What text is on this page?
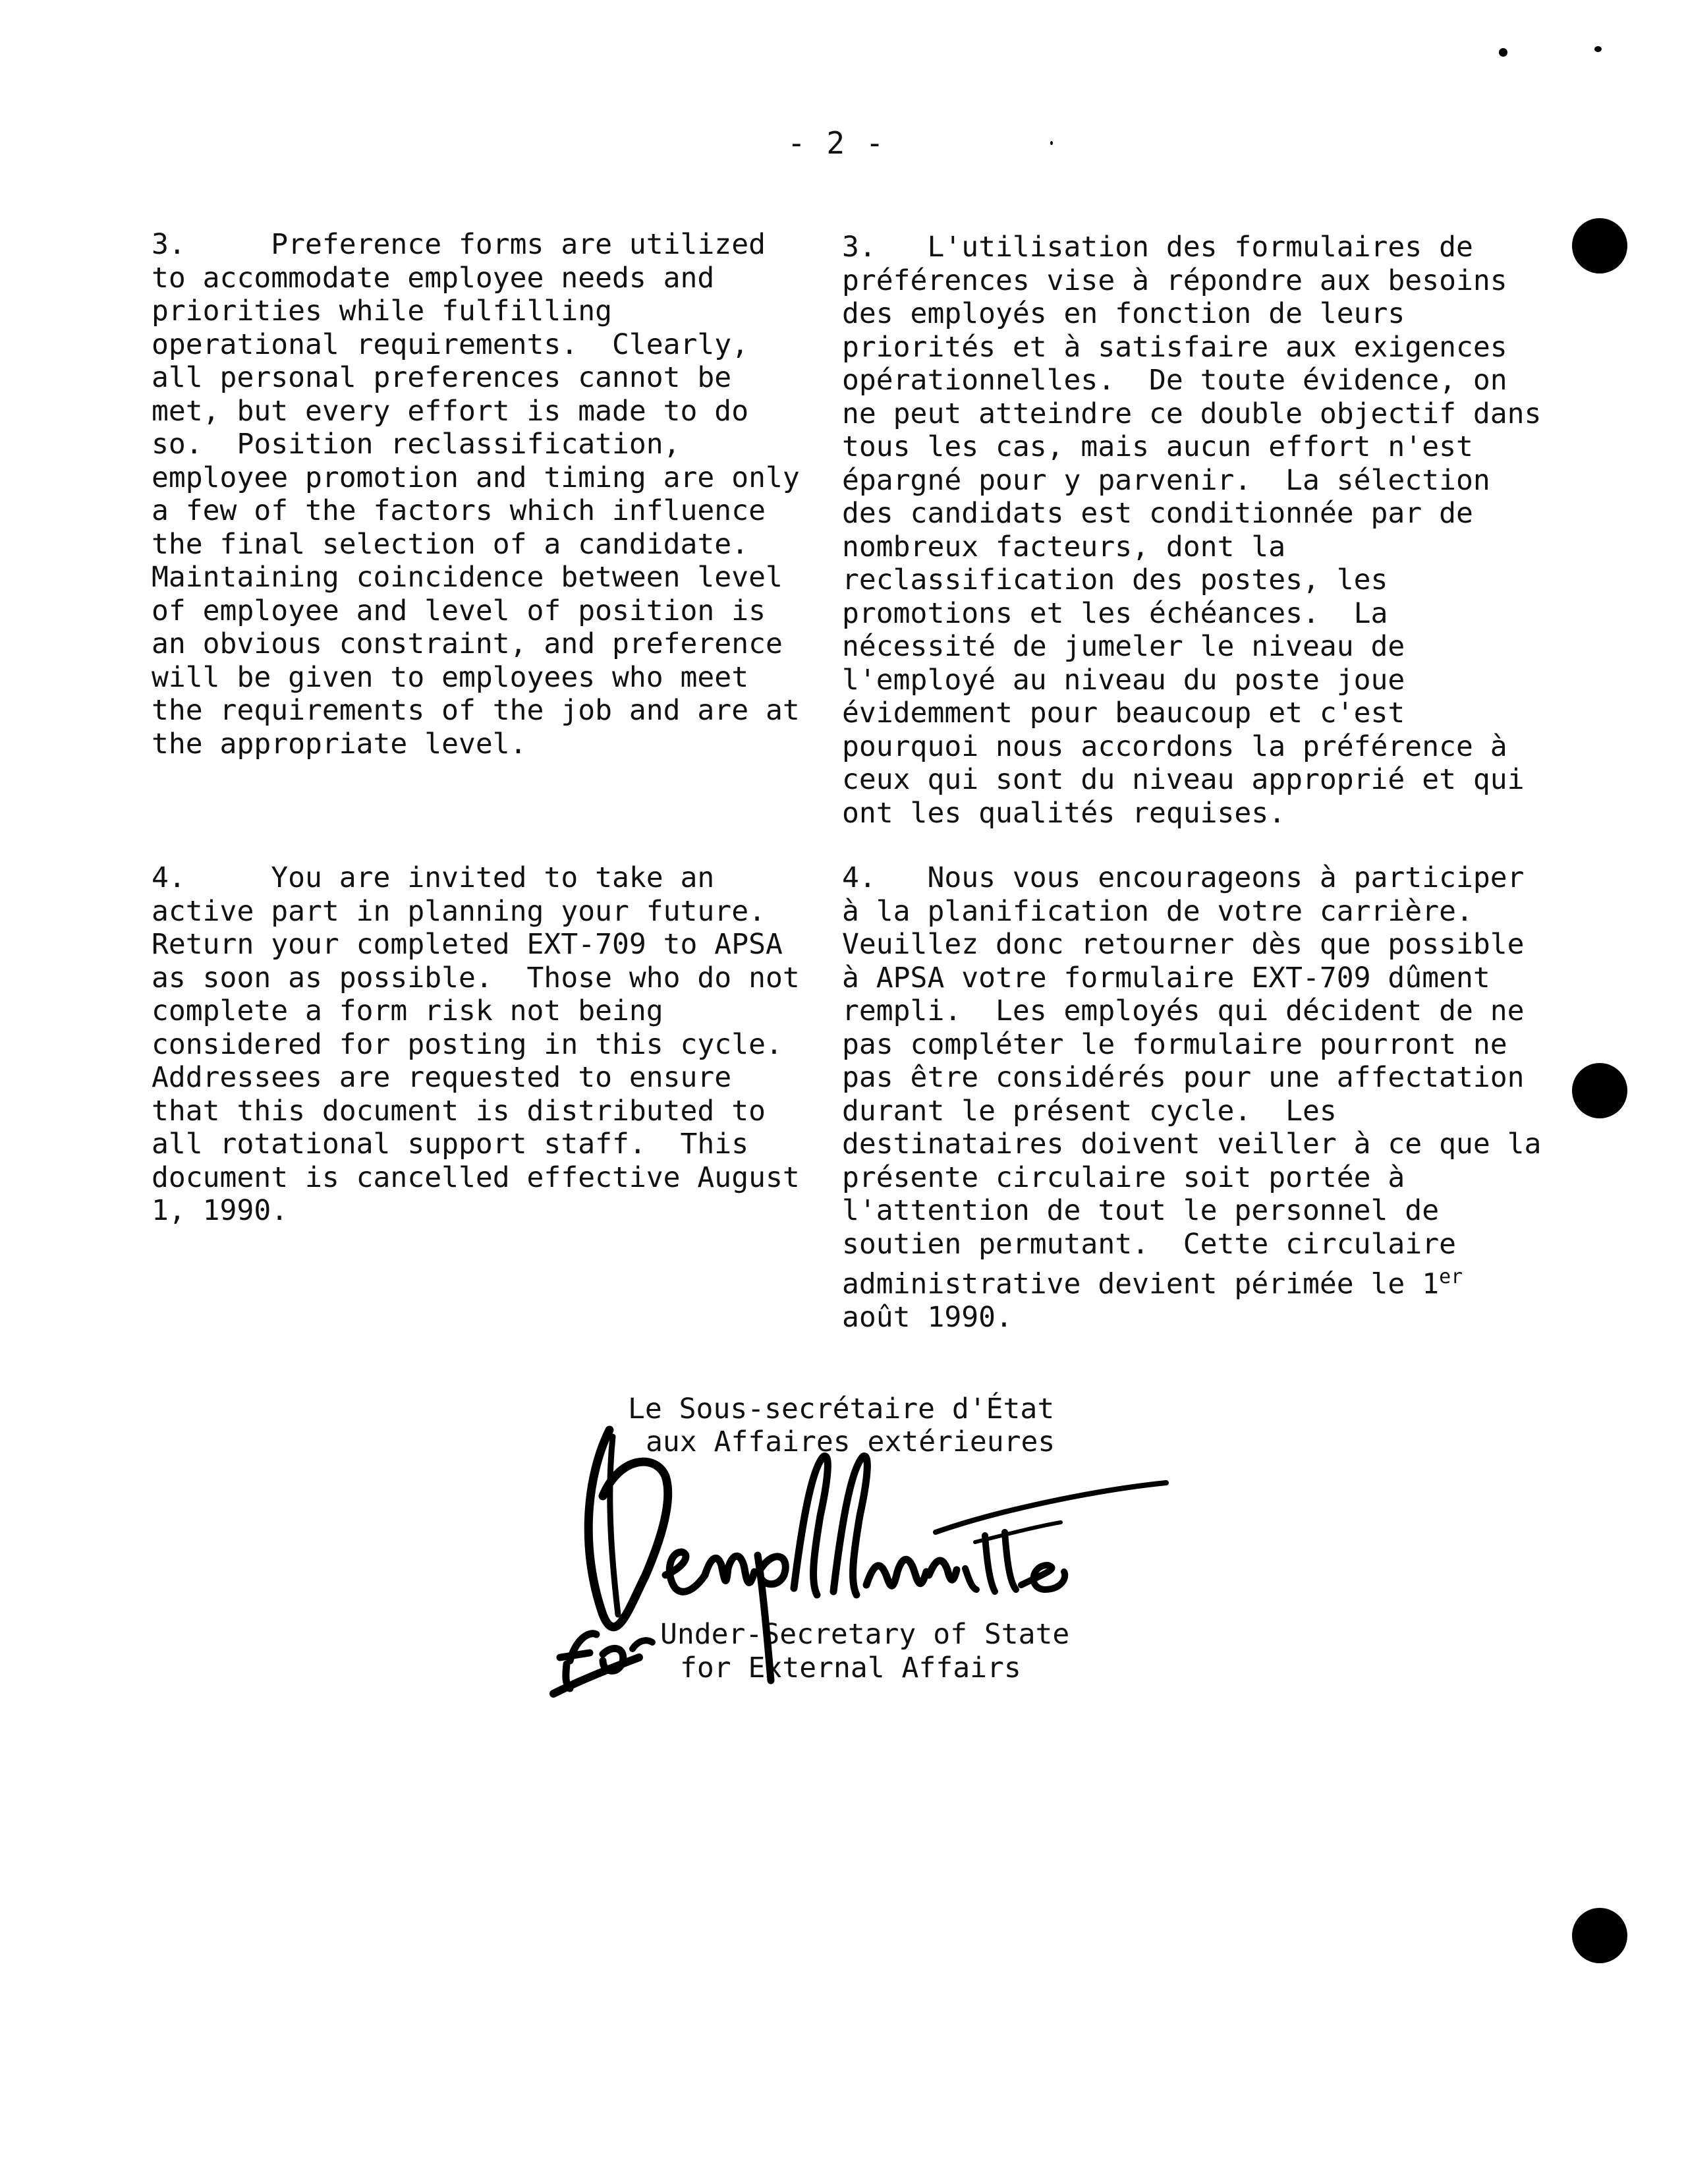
- 2 -

3.     Preference forms are utilized
to accommodate employee needs and
priorities while fulfilling
operational requirements.  Clearly,
all personal preferences cannot be
met, but every effort is made to do
so.  Position reclassification,
employee promotion and timing are only
a few of the factors which influence
the final selection of a candidate.
Maintaining coincidence between level
of employee and level of position is
an obvious constraint, and preference
will be given to employees who meet
the requirements of the job and are at
the appropriate level.

3.   L'utilisation des formulaires de
préférences vise à répondre aux besoins
des employés en fonction de leurs
priorités et à satisfaire aux exigences
opérationnelles.  De toute évidence, on
ne peut atteindre ce double objectif dans
tous les cas, mais aucun effort n'est
épargné pour y parvenir.  La sélection
des candidats est conditionnée par de
nombreux facteurs, dont la
reclassification des postes, les
promotions et les échéances.  La
nécessité de jumeler le niveau de
l'employé au niveau du poste joue
évidemment pour beaucoup et c'est
pourquoi nous accordons la préférence à
ceux qui sont du niveau approprié et qui
ont les qualités requises.

4.     You are invited to take an
active part in planning your future.
Return your completed EXT-709 to APSA
as soon as possible.  Those who do not
complete a form risk not being
considered for posting in this cycle.
Addressees are requested to ensure
that this document is distributed to
all rotational support staff.  This
document is cancelled effective August
1, 1990.

4.   Nous vous encourageons à participer
à la planification de votre carrière.
Veuillez donc retourner dès que possible
à APSA votre formulaire EXT-709 dûment
rempli.  Les employés qui décident de ne
pas compléter le formulaire pourront ne
pas être considérés pour une affectation
durant le présent cycle.  Les
destinataires doivent veiller à ce que la
présente circulaire soit portée à
l'attention de tout le personnel de
soutien permutant.  Cette circulaire
administrative devient périmée le 1er
août 1990.

Le Sous-secrétaire d'État
aux Affaires extérieures
Under-Secretary of State
for External Affairs
